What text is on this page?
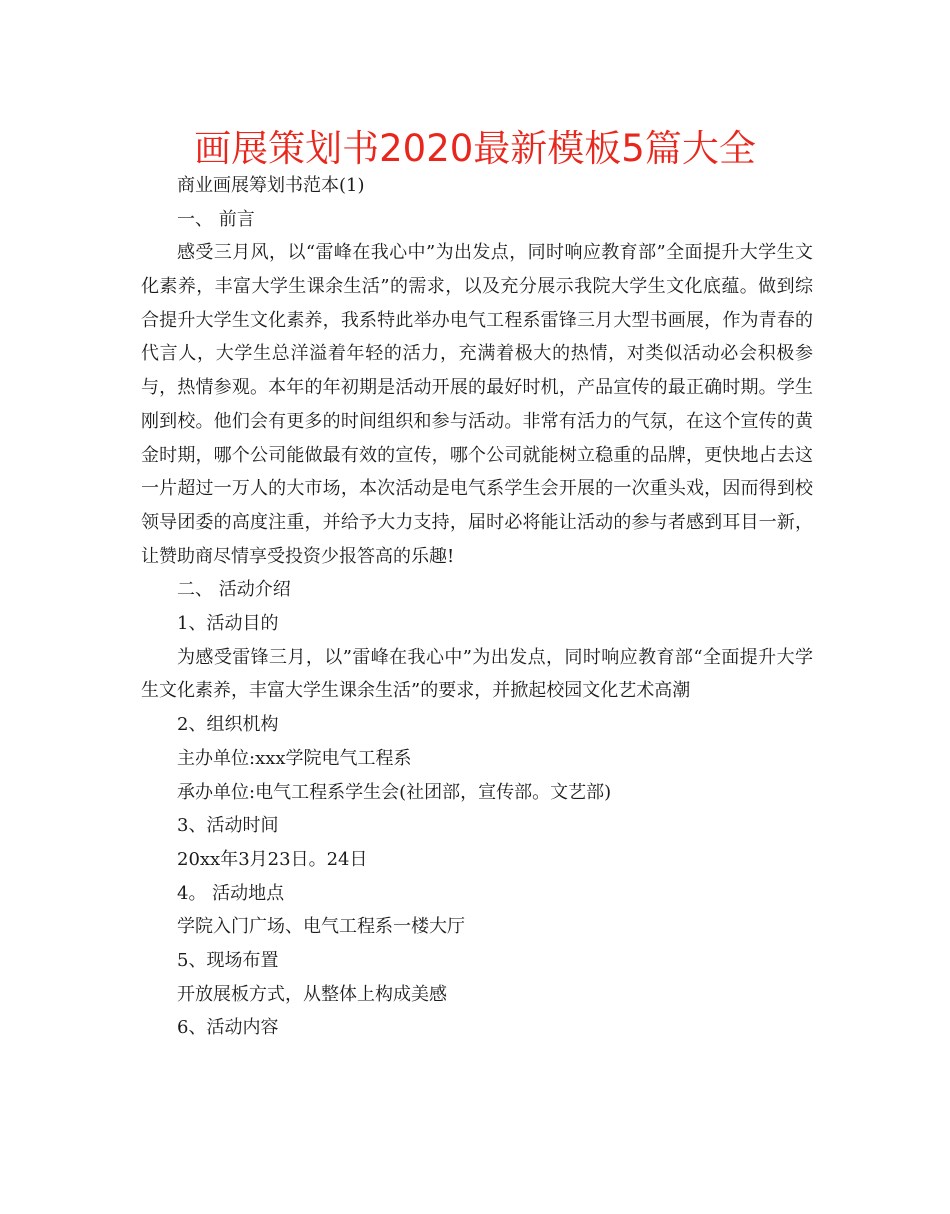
画展策划书2020最新模板5篇大全

商业画展筹划书范本(1)

一、 前言

感受三月风，以“雷峰在我心中”为出发点，同时响应教育部”全面提升大学生文化素养，丰富大学生课余生活”的需求，以及充分展示我院大学生文化底蕴。做到综合提升大学生文化素养，我系特此举办电气工程系雷锋三月大型书画展，作为青春的代言人，大学生总洋溢着年轻的活力，充满着极大的热情，对类似活动必会积极参与，热情参观。本年的年初期是活动开展的最好时机，产品宣传的最正确时期。学生刚到校。他们会有更多的时间组织和参与活动。非常有活力的气氛，在这个宣传的黄金时期，哪个公司能做最有效的宣传，哪个公司就能树立稳重的品牌，更快地占去这一片超过一万人的大市场，本次活动是电气系学生会开展的一次重头戏，因而得到校领导团委的高度注重，并给予大力支持，届时必将能让活动的参与者感到耳目一新，让赞助商尽情享受投资少报答高的乐趣!

二、 活动介绍

1、活动目的

为感受雷锋三月，以”雷峰在我心中”为出发点，同时响应教育部“全面提升大学生文化素养，丰富大学生课余生活”的要求，并掀起校园文化艺术高潮

2、组织机构

主办单位:xxx学院电气工程系

承办单位:电气工程系学生会(社团部，宣传部。文艺部)

3、活动时间

20xx年3月23日。24日

4。 活动地点

学院入门广场、电气工程系一楼大厅

5、现场布置

开放展板方式，从整体上构成美感

6、活动内容
